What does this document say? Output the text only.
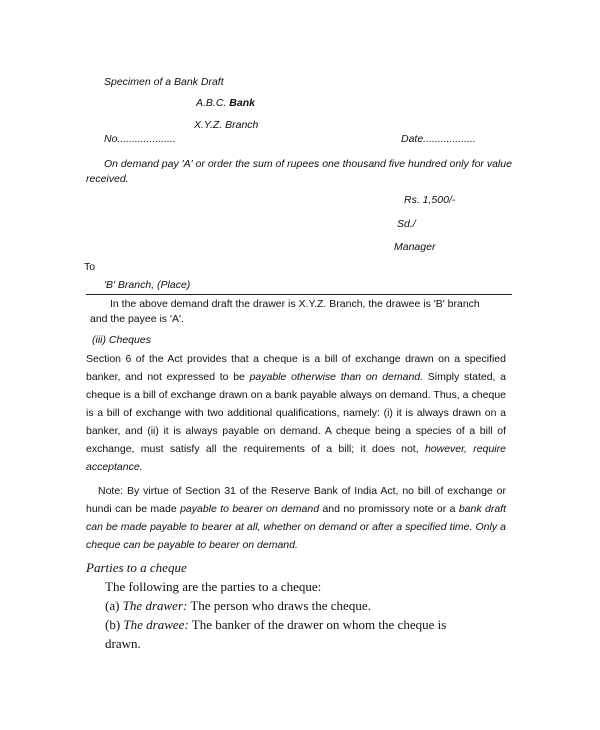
Specimen of a Bank Draft
A.B.C. Bank
X.Y.Z. Branch
No....................	Date..................
On demand pay 'A' or order the sum of rupees one thousand five hundred only for value
received.
Rs. 1,500/-
Sd./
Manager
To
'B' Branch, (Place)
In the above demand draft the drawer is X.Y.Z. Branch, the drawee is 'B' branch
and the payee is 'A'.
(iii) Cheques
Section 6 of the Act provides that a cheque is a bill of exchange drawn on a specified banker, and not expressed to be payable otherwise than on demand. Simply stated, a cheque is a bill of exchange drawn on a bank payable always on demand. Thus, a cheque is a bill of exchange with two additional qualifications, namely: (i) it is always drawn on a banker, and (ii) it is always payable on demand. A cheque being a species of a bill of exchange, must satisfy all the requirements of a bill; it does not, however, require acceptance.
Note: By virtue of Section 31 of the Reserve Bank of India Act, no bill of exchange or hundi can be made payable to bearer on demand and no promissory note or a bank draft can be made payable to bearer at all, whether on demand or after a specified time. Only a cheque can be payable to bearer on demand.
Parties to a cheque
The following are the parties to a cheque:
(a) The drawer: The person who draws the cheque.
(b) The drawee: The banker of the drawer on whom the cheque is
drawn.
